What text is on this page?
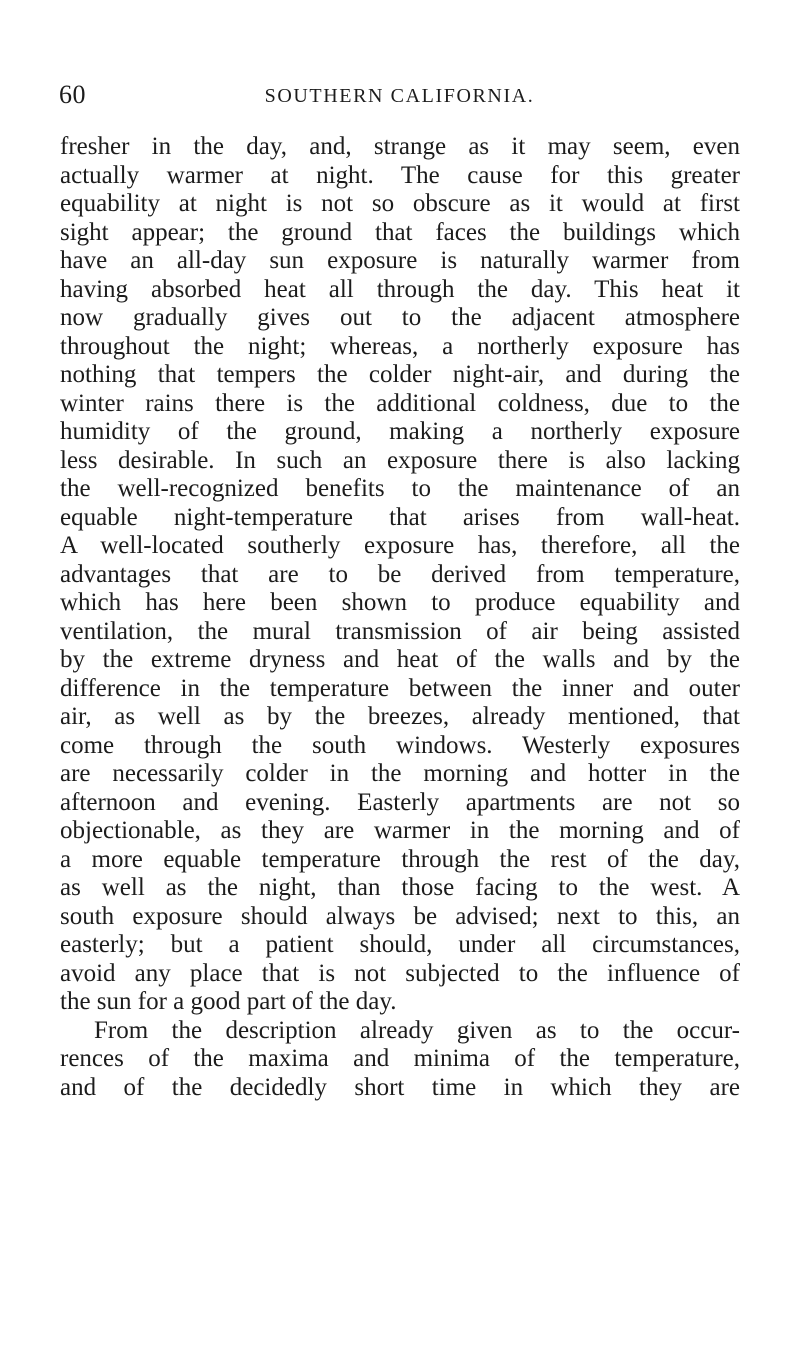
60	SOUTHERN CALIFORNIA.
fresher in the day, and, strange as it may seem, even
actually warmer at night. The cause for this greater
equability at night is not so obscure as it would at first
sight appear; the ground that faces the buildings which
have an all-day sun exposure is naturally warmer from
having absorbed heat all through the day. This heat it
now gradually gives out to the adjacent atmosphere
throughout the night; whereas, a northerly exposure has
nothing that tempers the colder night-air, and during the
winter rains there is the additional coldness, due to the
humidity of the ground, making a northerly exposure
less desirable. In such an exposure there is also lacking
the well-recognized benefits to the maintenance of an
equable night-temperature that arises from wall-heat.
A well-located southerly exposure has, therefore, all the
advantages that are to be derived from temperature,
which has here been shown to produce equability and
ventilation, the mural transmission of air being assisted
by the extreme dryness and heat of the walls and by the
difference in the temperature between the inner and outer
air, as well as by the breezes, already mentioned, that
come through the south windows. Westerly exposures
are necessarily colder in the morning and hotter in the
afternoon and evening. Easterly apartments are not so
objectionable, as they are warmer in the morning and of
a more equable temperature through the rest of the day,
as well as the night, than those facing to the west. A
south exposure should always be advised; next to this, an
easterly; but a patient should, under all circumstances,
avoid any place that is not subjected to the influence of
the sun for a good part of the day.
From the description already given as to the occur-
rences of the maxima and minima of the temperature,
and of the decidedly short time in which they are
